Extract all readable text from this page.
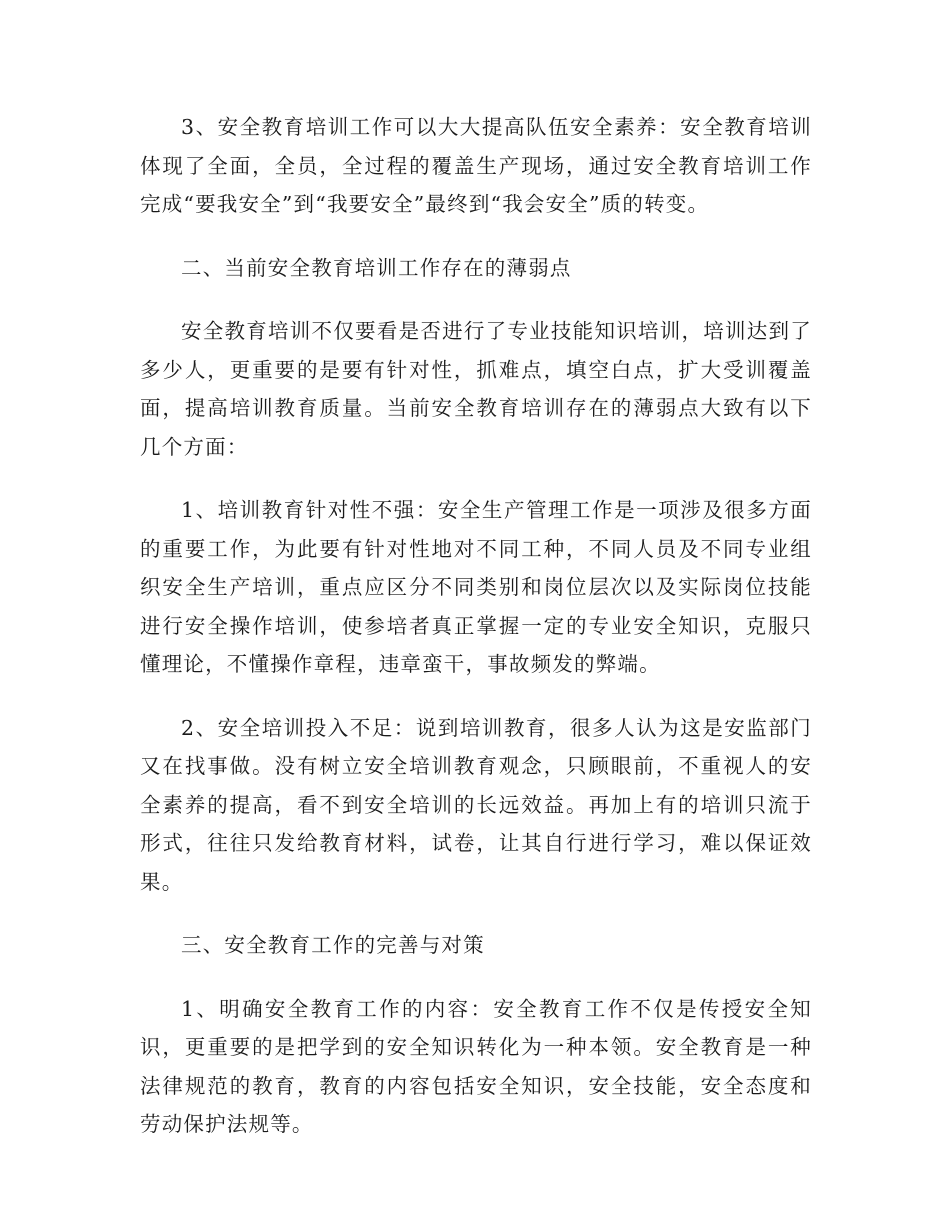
3、安全教育培训工作可以大大提高队伍安全素养：安全教育培训体现了全面，全员，全过程的覆盖生产现场，通过安全教育培训工作完成“要我安全”到“我要安全”最终到“我会安全”质的转变。

二、当前安全教育培训工作存在的薄弱点

安全教育培训不仅要看是否进行了专业技能知识培训，培训达到了多少人，更重要的是要有针对性，抓难点，填空白点，扩大受训覆盖面，提高培训教育质量。当前安全教育培训存在的薄弱点大致有以下几个方面：

1、培训教育针对性不强：安全生产管理工作是一项涉及很多方面的重要工作，为此要有针对性地对不同工种，不同人员及不同专业组织安全生产培训，重点应区分不同类别和岗位层次以及实际岗位技能进行安全操作培训，使参培者真正掌握一定的专业安全知识，克服只懂理论，不懂操作章程，违章蛮干，事故频发的弊端。

2、安全培训投入不足：说到培训教育，很多人认为这是安监部门又在找事做。没有树立安全培训教育观念，只顾眼前，不重视人的安全素养的提高，看不到安全培训的长远效益。再加上有的培训只流于形式，往往只发给教育材料，试卷，让其自行进行学习，难以保证效果。

三、安全教育工作的完善与对策

1、明确安全教育工作的内容：安全教育工作不仅是传授安全知识，更重要的是把学到的安全知识转化为一种本领。安全教育是一种法律规范的教育，教育的内容包括安全知识，安全技能，安全态度和劳动保护法规等。
